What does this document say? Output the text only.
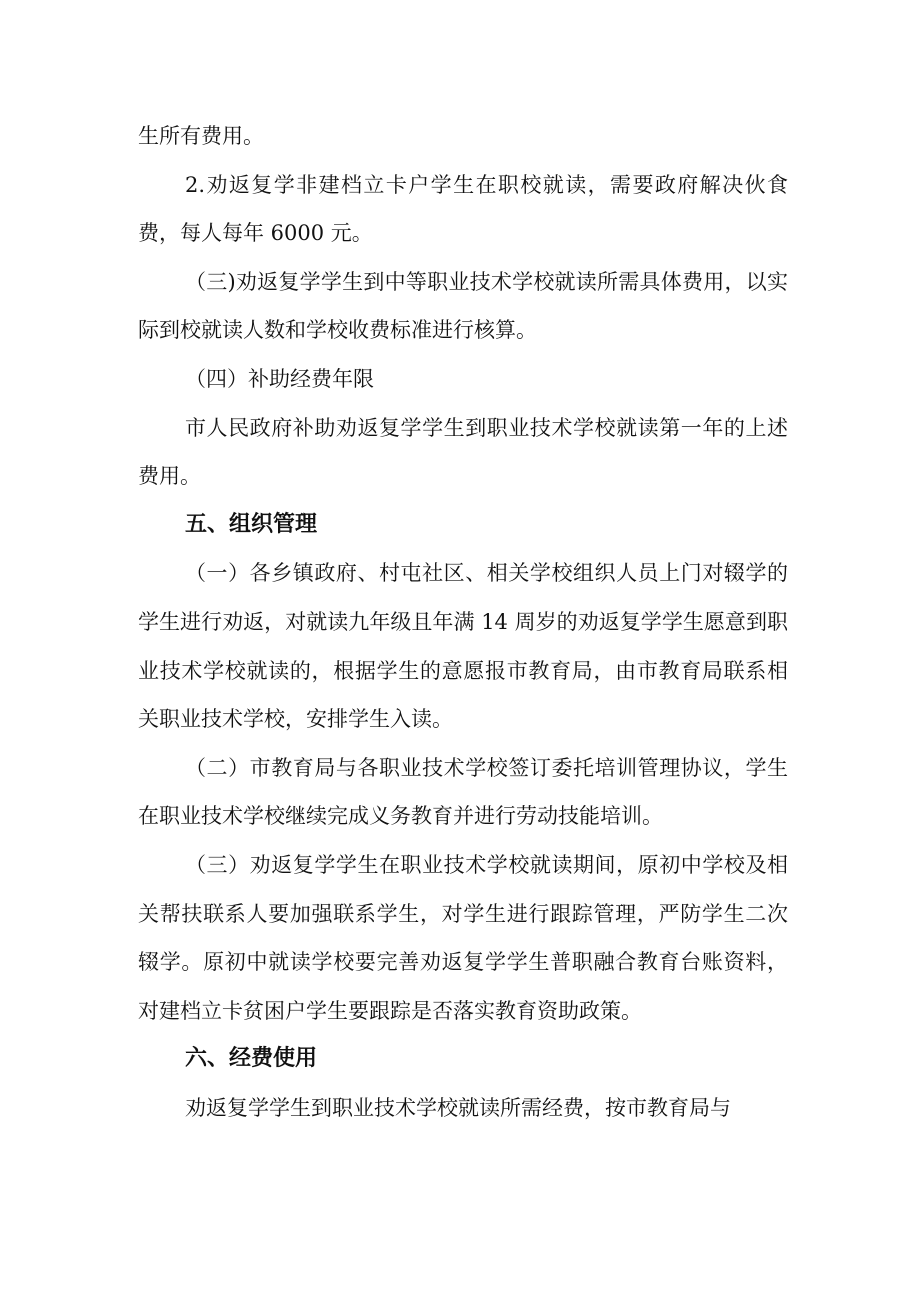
生所有费用。

2.劝返复学非建档立卡户学生在职校就读，需要政府解决伙食费，每人每年 6000 元。

（三)劝返复学学生到中等职业技术学校就读所需具体费用，以实际到校就读人数和学校收费标准进行核算。

（四）补助经费年限

市人民政府补助劝返复学学生到职业技术学校就读第一年的上述费用。

五、组织管理

（一）各乡镇政府、村屯社区、相关学校组织人员上门对辍学的学生进行劝返，对就读九年级且年满 14 周岁的劝返复学学生愿意到职业技术学校就读的，根据学生的意愿报市教育局，由市教育局联系相关职业技术学校，安排学生入读。

（二）市教育局与各职业技术学校签订委托培训管理协议，学生在职业技术学校继续完成义务教育并进行劳动技能培训。

（三）劝返复学学生在职业技术学校就读期间，原初中学校及相关帮扶联系人要加强联系学生，对学生进行跟踪管理，严防学生二次辍学。原初中就读学校要完善劝返复学学生普职融合教育台账资料，对建档立卡贫困户学生要跟踪是否落实教育资助政策。

六、经费使用

劝返复学学生到职业技术学校就读所需经费，按市教育局与
